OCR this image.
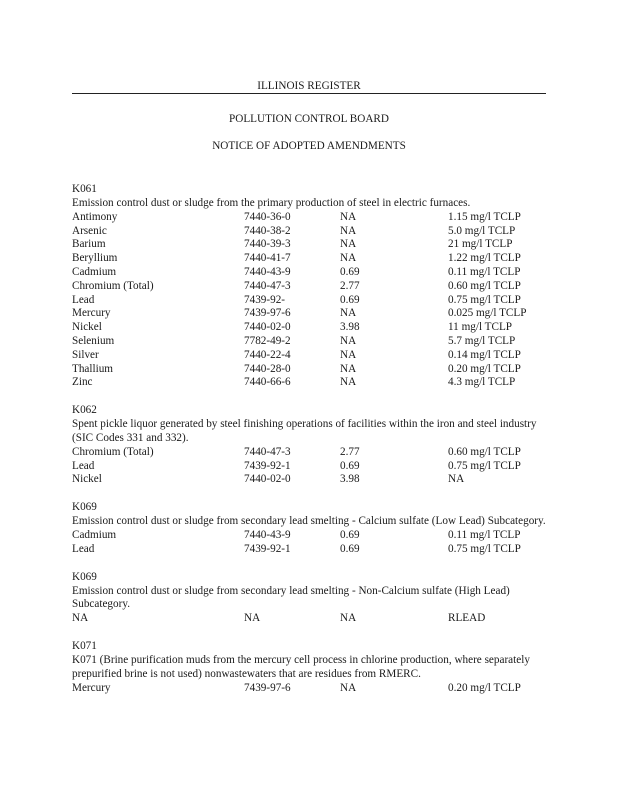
ILLINOIS REGISTER
POLLUTION CONTROL BOARD
NOTICE OF ADOPTED AMENDMENTS
K061
Emission control dust or sludge from the primary production of steel in electric furnaces.
Antimony	7440-36-0	NA	1.15 mg/l TCLP
Arsenic	7440-38-2	NA	5.0 mg/l TCLP
Barium	7440-39-3	NA	21 mg/l TCLP
Beryllium	7440-41-7	NA	1.22 mg/l TCLP
Cadmium	7440-43-9	0.69	0.11 mg/l TCLP
Chromium (Total)	7440-47-3	2.77	0.60 mg/l TCLP
Lead	7439-92-	0.69	0.75 mg/l TCLP
Mercury	7439-97-6	NA	0.025 mg/l TCLP
Nickel	7440-02-0	3.98	11 mg/l TCLP
Selenium	7782-49-2	NA	5.7 mg/l TCLP
Silver	7440-22-4	NA	0.14 mg/l TCLP
Thallium	7440-28-0	NA	0.20 mg/l TCLP
Zinc	7440-66-6	NA	4.3 mg/l TCLP
K062
Spent pickle liquor generated by steel finishing operations of facilities within the iron and steel industry (SIC Codes 331 and 332).
Chromium (Total)	7440-47-3	2.77	0.60 mg/l TCLP
Lead	7439-92-1	0.69	0.75 mg/l TCLP
Nickel	7440-02-0	3.98	NA
K069
Emission control dust or sludge from secondary lead smelting - Calcium sulfate (Low Lead) Subcategory.
Cadmium	7440-43-9	0.69	0.11 mg/l TCLP
Lead	7439-92-1	0.69	0.75 mg/l TCLP
K069
Emission control dust or sludge from secondary lead smelting - Non-Calcium sulfate (High Lead) Subcategory.
NA	NA	NA	RLEAD
K071
K071 (Brine purification muds from the mercury cell process in chlorine production, where separately prepurified brine is not used) nonwastewaters that are residues from RMERC.
Mercury	7439-97-6	NA	0.20 mg/l TCLP
